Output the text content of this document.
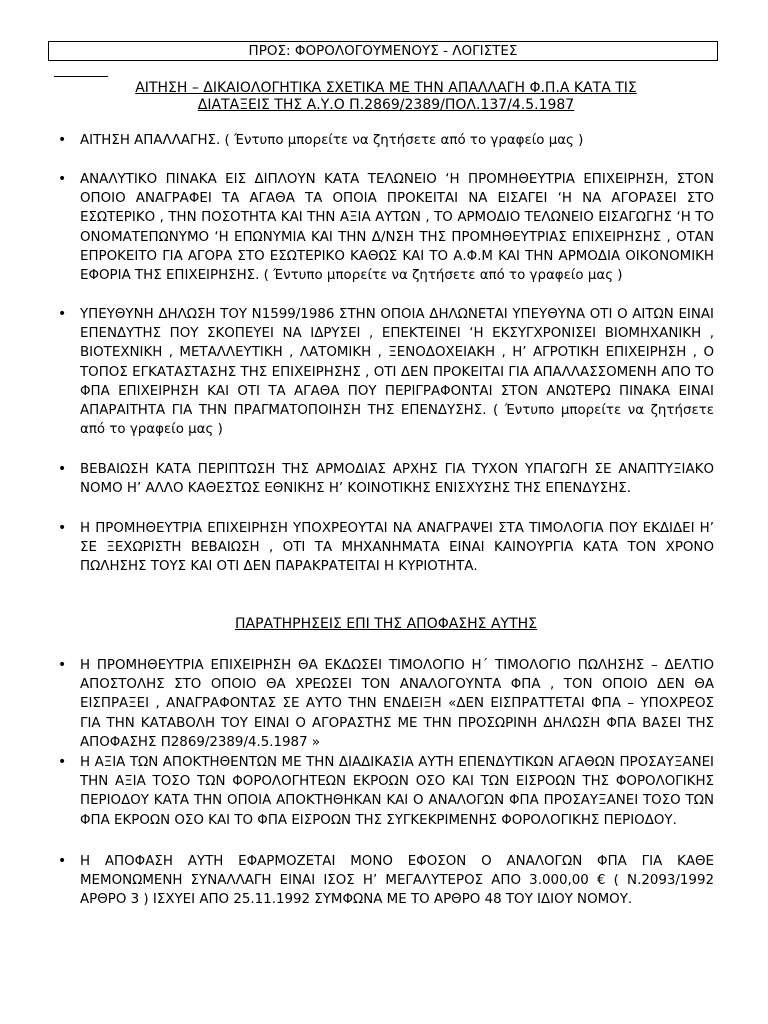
ΠΡΟΣ: ΦΟΡΟΛΟΓΟΥΜΕΝΟΥΣ - ΛΟΓΙΣΤΕΣ
ΑΙΤΗΣΗ – ΔΙΚΑΙΟΛΟΓΗΤΙΚΑ ΣΧΕΤΙΚΑ ΜΕ ΤΗΝ ΑΠΑΛΛΑΓΗ Φ.Π.Α ΚΑΤΑ ΤΙΣ
ΔΙΑΤΑΞΕΙΣ ΤΗΣ Α.Υ.Ο Π.2869/2389/ΠΟΛ.137/4.5.1987
• ΑΙΤΗΣΗ ΑΠΑΛΛΑΓΗΣ. ( Έντυπο μπορείτε να ζητήσετε από το γραφείο μας )
• ΑΝΑΛΥΤΙΚΟ ΠΙΝΑΚΑ ΕΙΣ ΔΙΠΛΟΥΝ ΚΑΤΑ ΤΕΛΩΝΕΙΟ ‘Η ΠΡΟΜΗΘΕΥΤΡΙΑ ΕΠΙΧΕΙΡΗΣΗ, ΣΤΟΝ ΟΠΟΙΟ ΑΝΑΓΡΑΦΕΙ ΤΑ ΑΓΑΘΑ ΤΑ ΟΠΟΙΑ ΠΡΟΚΕΙΤΑΙ ΝΑ ΕΙΣΑΓΕΙ ‘Η ΝΑ ΑΓΟΡΑΣΕΙ ΣΤΟ ΕΣΩΤΕΡΙΚΟ , ΤΗΝ ΠΟΣΟΤΗΤΑ ΚΑΙ ΤΗΝ ΑΞΙΑ ΑΥΤΩΝ , ΤΟ ΑΡΜΟΔΙΟ ΤΕΛΩΝΕΙΟ ΕΙΣΑΓΩΓΗΣ ‘Η ΤΟ ΟΝΟΜΑΤΕΠΩΝΥΜΟ ‘Η ΕΠΩΝΥΜΙΑ ΚΑΙ ΤΗΝ Δ/ΝΣΗ ΤΗΣ ΠΡΟΜΗΘΕΥΤΡΙΑΣ ΕΠΙΧΕΙΡΗΣΗΣ , ΟΤΑΝ ΕΠΡΟΚΕΙΤΟ ΓΙΑ ΑΓΟΡΑ ΣΤΟ ΕΣΩΤΕΡΙΚΟ ΚΑΘΩΣ ΚΑΙ ΤΟ Α.Φ.Μ ΚΑΙ ΤΗΝ ΑΡΜΟΔΙΑ ΟΙΚΟΝΟΜΙΚΗ ΕΦΟΡΙΑ ΤΗΣ ΕΠΙΧΕΙΡΗΣΗΣ. ( Έντυπο μπορείτε να ζητήσετε από το γραφείο μας )
• ΥΠΕΥΘΥΝΗ ΔΗΛΩΣΗ ΤΟΥ Ν1599/1986 ΣΤΗΝ ΟΠΟΙΑ ΔΗΛΩΝΕΤΑΙ ΥΠΕΥΘΥΝΑ ΟΤΙ Ο ΑΙΤΩΝ ΕΙΝΑΙ ΕΠΕΝΔΥΤΗΣ ΠΟΥ ΣΚΟΠΕΥΕΙ ΝΑ ΙΔΡΥΣΕΙ , ΕΠΕΚΤΕΙΝΕΙ ‘Η ΕΚΣΥΓΧΡΟΝΙΣΕΙ ΒΙΟΜΗΧΑΝΙΚΗ , ΒΙΟΤΕΧΝΙΚΗ , ΜΕΤΑΛΛΕΥΤΙΚΗ , ΛΑΤΟΜΙΚΗ , ΞΕΝΟΔΟΧΕΙΑΚΗ , Η’ ΑΓΡΟΤΙΚΗ ΕΠΙΧΕΙΡΗΣΗ , Ο ΤΟΠΟΣ ΕΓΚΑΤΑΣΤΑΣΗΣ ΤΗΣ ΕΠΙΧΕΙΡΗΣΗΣ , ΟΤΙ ΔΕΝ ΠΡΟΚΕΙΤΑΙ ΓΙΑ ΑΠΑΛΛΑΣΣΟΜΕΝΗ ΑΠΟ ΤΟ ΦΠΑ ΕΠΙΧΕΙΡΗΣΗ ΚΑΙ ΟΤΙ ΤΑ ΑΓΑΘΑ ΠΟΥ ΠΕΡΙΓΡΑΦΟΝΤΑΙ ΣΤΟΝ ΑΝΩΤΕΡΩ ΠΙΝΑΚΑ ΕΙΝΑΙ ΑΠΑΡΑΙΤΗΤΑ ΓΙΑ ΤΗΝ ΠΡΑΓΜΑΤΟΠΟΙΗΣΗ ΤΗΣ ΕΠΕΝΔΥΣΗΣ. ( Έντυπο μπορείτε να ζητήσετε από το γραφείο μας )
• ΒΕΒΑΙΩΣΗ ΚΑΤΑ ΠΕΡΙΠΤΩΣΗ ΤΗΣ ΑΡΜΟΔΙΑΣ ΑΡΧΗΣ ΓΙΑ ΤΥΧΟΝ ΥΠΑΓΩΓΗ ΣΕ ΑΝΑΠΤΥΞΙΑΚΟ ΝΟΜΟ Η’ ΑΛΛΟ ΚΑΘΕΣΤΩΣ ΕΘΝΙΚΗΣ Η’ ΚΟΙΝΟΤΙΚΗΣ ΕΝΙΣΧΥΣΗΣ ΤΗΣ ΕΠΕΝΔΥΣΗΣ.
• Η ΠΡΟΜΗΘΕΥΤΡΙΑ ΕΠΙΧΕΙΡΗΣΗ ΥΠΟΧΡΕΟΥΤΑΙ ΝΑ ΑΝΑΓΡΑΨΕΙ ΣΤΑ ΤΙΜΟΛΟΓΙΑ ΠΟΥ ΕΚΔΙΔΕΙ Η’ ΣΕ ΞΕΧΩΡΙΣΤΗ ΒΕΒΑΙΩΣΗ , ΟΤΙ ΤΑ ΜΗΧΑΝΗΜΑΤΑ ΕΙΝΑΙ ΚΑΙΝΟΥΡΓΙΑ ΚΑΤΑ ΤΟΝ ΧΡΟΝΟ ΠΩΛΗΣΗΣ ΤΟΥΣ ΚΑΙ ΟΤΙ ΔΕΝ ΠΑΡΑΚΡΑΤΕΙΤΑΙ Η ΚΥΡΙΟΤΗΤΑ.
ΠΑΡΑΤΗΡΗΣΕΙΣ ΕΠΙ ΤΗΣ ΑΠΟΦΑΣΗΣ ΑΥΤΗΣ
• Η ΠΡΟΜΗΘΕΥΤΡΙΑ ΕΠΙΧΕΙΡΗΣΗ ΘΑ ΕΚΔΩΣΕΙ ΤΙΜΟΛΟΓΙΟ Η΄ ΤΙΜΟΛΟΓΙΟ ΠΩΛΗΣΗΣ – ΔΕΛΤΙΟ ΑΠΟΣΤΟΛΗΣ ΣΤΟ ΟΠΟΙΟ ΘΑ ΧΡΕΩΣΕΙ ΤΟΝ ΑΝΑΛΟΓΟΥΝΤΑ ΦΠΑ , ΤΟΝ ΟΠΟΙΟ ΔΕΝ ΘΑ ΕΙΣΠΡΑΞΕΙ , ΑΝΑΓΡΑΦΟΝΤΑΣ ΣΕ ΑΥΤΟ ΤΗΝ ΕΝΔΕΙΞΗ «ΔΕΝ ΕΙΣΠΡΑΤΤΕΤΑΙ ΦΠΑ – ΥΠΟΧΡΕΟΣ ΓΙΑ ΤΗΝ ΚΑΤΑΒΟΛΗ ΤΟΥ ΕΙΝΑΙ Ο ΑΓΟΡΑΣΤΗΣ ΜΕ ΤΗΝ ΠΡΟΣΩΡΙΝΗ ΔΗΛΩΣΗ ΦΠΑ ΒΑΣΕΙ ΤΗΣ ΑΠΟΦΑΣΗΣ Π2869/2389/4.5.1987 »
• Η ΑΞΙΑ ΤΩΝ ΑΠΟΚΤΗΘΕΝΤΩΝ ΜΕ ΤΗΝ ΔΙΑΔΙΚΑΣΙΑ ΑΥΤΗ ΕΠΕΝΔΥΤΙΚΩΝ ΑΓΑΘΩΝ ΠΡΟΣΑΥΞΑΝΕΙ ΤΗΝ ΑΞΙΑ ΤΟΣΟ ΤΩΝ ΦΟΡΟΛΟΓΗΤΕΩΝ ΕΚΡΟΩΝ ΟΣΟ ΚΑΙ ΤΩΝ ΕΙΣΡΟΩΝ ΤΗΣ ΦΟΡΟΛΟΓΙΚΗΣ ΠΕΡΙΟΔΟΥ ΚΑΤΑ ΤΗΝ ΟΠΟΙΑ ΑΠΟΚΤΗΘΗΚΑΝ ΚΑΙ Ο ΑΝΑΛΟΓΩΝ ΦΠΑ ΠΡΟΣΑΥΞΑΝΕΙ ΤΟΣΟ ΤΩΝ ΦΠΑ ΕΚΡΟΩΝ ΟΣΟ ΚΑΙ ΤΟ ΦΠΑ ΕΙΣΡΟΩΝ ΤΗΣ ΣΥΓΚΕΚΡΙΜΕΝΗΣ ΦΟΡΟΛΟΓΙΚΗΣ ΠΕΡΙΟΔΟΥ.
• Η ΑΠΟΦΑΣΗ ΑΥΤΗ ΕΦΑΡΜΟΖΕΤΑΙ ΜΟΝΟ ΕΦΟΣΟΝ Ο ΑΝΑΛΟΓΩΝ ΦΠΑ ΓΙΑ ΚΑΘΕ ΜΕΜΟΝΩΜΕΝΗ ΣΥΝΑΛΛΑΓΗ ΕΙΝΑΙ ΙΣΟΣ Η’ ΜΕΓΑΛΥΤΕΡΟΣ ΑΠΟ 3.000,00 € ( Ν.2093/1992 ΑΡΘΡΟ 3 ) ΙΣΧΥΕΙ ΑΠΟ 25.11.1992 ΣΥΜΦΩΝΑ ΜΕ ΤΟ ΑΡΘΡΟ 48 ΤΟΥ ΙΔΙΟΥ ΝΟΜΟΥ.
